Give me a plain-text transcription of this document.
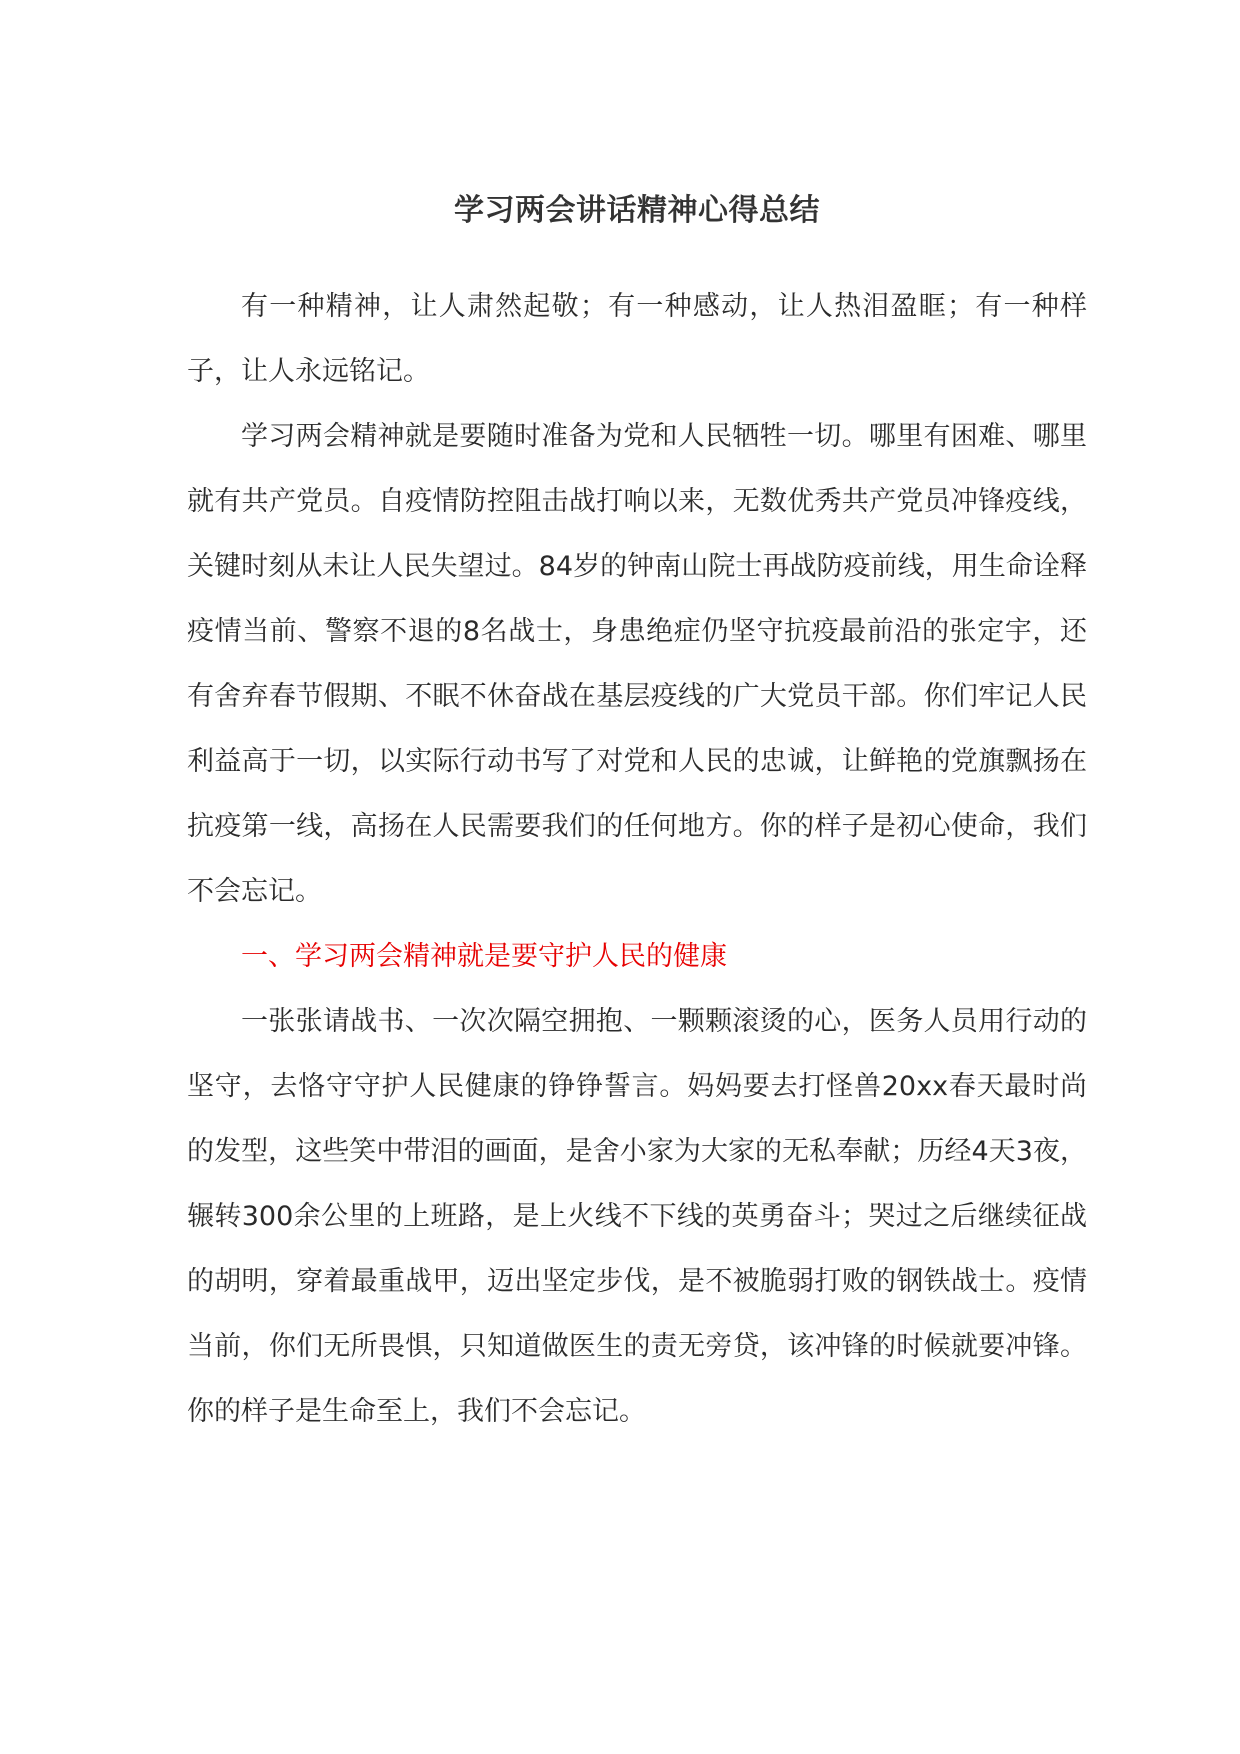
学习两会讲话精神心得总结

有一种精神，让人肃然起敬；有一种感动，让人热泪盈眶；有一种样子，让人永远铭记。

学习两会精神就是要随时准备为党和人民牺牲一切。哪里有困难、哪里就有共产党员。自疫情防控阻击战打响以来，无数优秀共产党员冲锋疫线，关键时刻从未让人民失望过。84岁的钟南山院士再战防疫前线，用生命诠释疫情当前、警察不退的8名战士，身患绝症仍坚守抗疫最前沿的张定宇，还有舍弃春节假期、不眠不休奋战在基层疫线的广大党员干部。你们牢记人民利益高于一切，以实际行动书写了对党和人民的忠诚，让鲜艳的党旗飘扬在抗疫第一线，高扬在人民需要我们的任何地方。你的样子是初心使命，我们不会忘记。

一、学习两会精神就是要守护人民的健康

一张张请战书、一次次隔空拥抱、一颗颗滚烫的心，医务人员用行动的坚守，去恪守守护人民健康的铮铮誓言。妈妈要去打怪兽20xx春天最时尚的发型，这些笑中带泪的画面，是舍小家为大家的无私奉献；历经4天3夜，辗转300余公里的上班路，是上火线不下线的英勇奋斗；哭过之后继续征战的胡明，穿着最重战甲，迈出坚定步伐，是不被脆弱打败的钢铁战士。疫情当前，你们无所畏惧，只知道做医生的责无旁贷，该冲锋的时候就要冲锋。你的样子是生命至上，我们不会忘记。
